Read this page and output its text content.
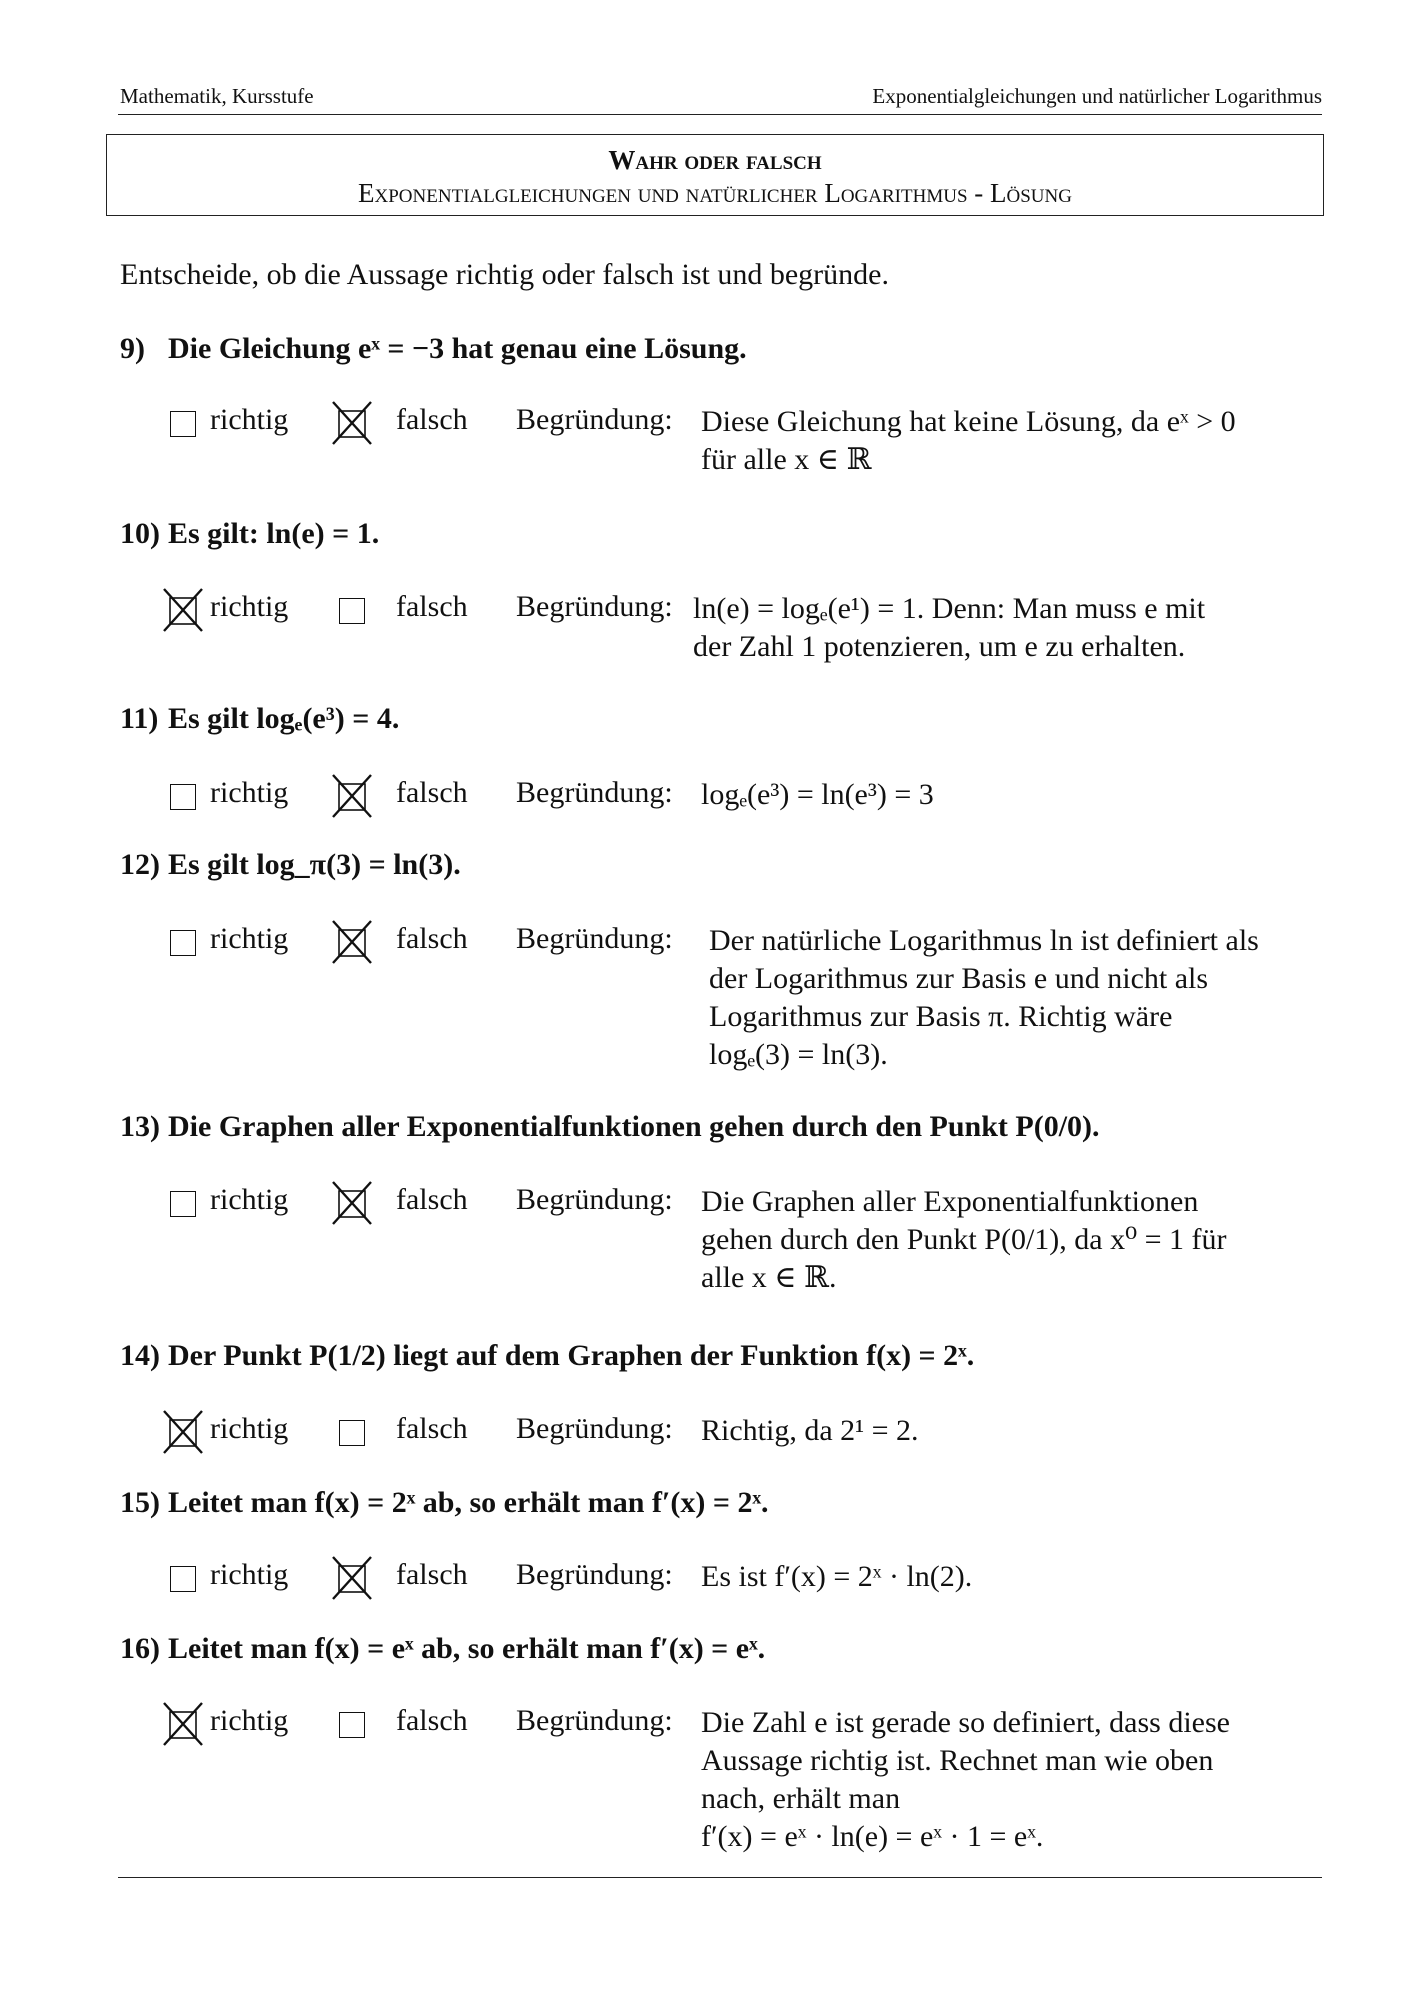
Mathematik, Kursstufe	Exponentialgleichungen und natürlicher Logarithmus
Wahr oder falsch
Exponentialgleichungen und natürlicher Logarithmus - Lösung
Entscheide, ob die Aussage richtig oder falsch ist und begründe.
9) Die Gleichung eˣ = −3 hat genau eine Lösung.
richtig	falsch Begründung: Diese Gleichung hat keine Lösung, da eˣ > 0
für alle x ∈ ℝ
10) Es gilt: ln(e) = 1.
richtig	falsch Begründung: ln(e) = logₑ(e¹) = 1. Denn: Man muss e mit
der Zahl 1 potenzieren, um e zu erhalten.
11) Es gilt logₑ(e³) = 4.
richtig	falsch Begründung: logₑ(e³) = ln(e³) = 3
12) Es gilt log_π(3) = ln(3).
richtig	falsch Begründung: Der natürliche Logarithmus ln ist definiert als
der Logarithmus zur Basis e und nicht als
Logarithmus zur Basis π. Richtig wäre
logₑ(3) = ln(3).
13) Die Graphen aller Exponentialfunktionen gehen durch den Punkt P(0/0).
richtig	falsch Begründung: Die Graphen aller Exponentialfunktionen
gehen durch den Punkt P(0/1), da x⁰ = 1 für
alle x ∈ ℝ.
14) Der Punkt P(1/2) liegt auf dem Graphen der Funktion f(x) = 2ˣ.
richtig	falsch Begründung: Richtig, da 2¹ = 2.
15) Leitet man f(x) = 2ˣ ab, so erhält man f′(x) = 2ˣ.
richtig	falsch Begründung: Es ist f′(x) = 2ˣ · ln(2).
16) Leitet man f(x) = eˣ ab, so erhält man f′(x) = eˣ.
richtig	falsch Begründung: Die Zahl e ist gerade so definiert, dass diese
Aussage richtig ist. Rechnet man wie oben
nach, erhält man
f′(x) = eˣ · ln(e) = eˣ · 1 = eˣ.
